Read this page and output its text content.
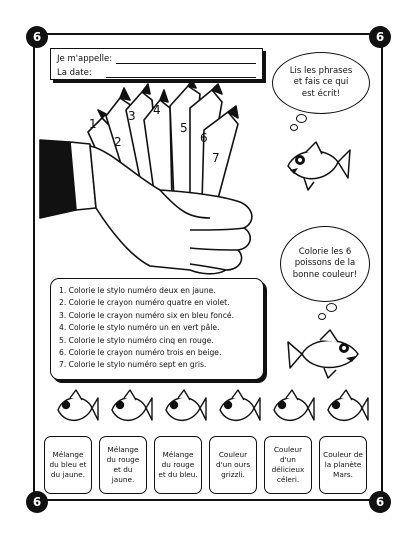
6	6
6	6
Je m'appelle:
La date:	Lis les phrases et fais ce qui est écrit!
1
2
3 4
5
6
7
Colorie les 6 poissons de la bonne couleur!
1. Colorie le stylo numéro deux en jaune.
2. Colorie le crayon numéro quatre en violet.
3. Colorie le crayon numéro six en bleu foncé.
4. Colorie le stylo numéro un en vert pâle.
5. Colorie le stylo numéro cinq en rouge.
6. Colorie le crayon numéro trois en beige.
7. Colorie le stylo numéro sept en gris.
Mélange du bleu et du jaune.
Mélange du rouge et du jaune.
Mélange du rouge et du bleu.
Couleur d'un ours grizzli.
Couleur d'un délicieux céleri.
Couleur de la planète Mars.
